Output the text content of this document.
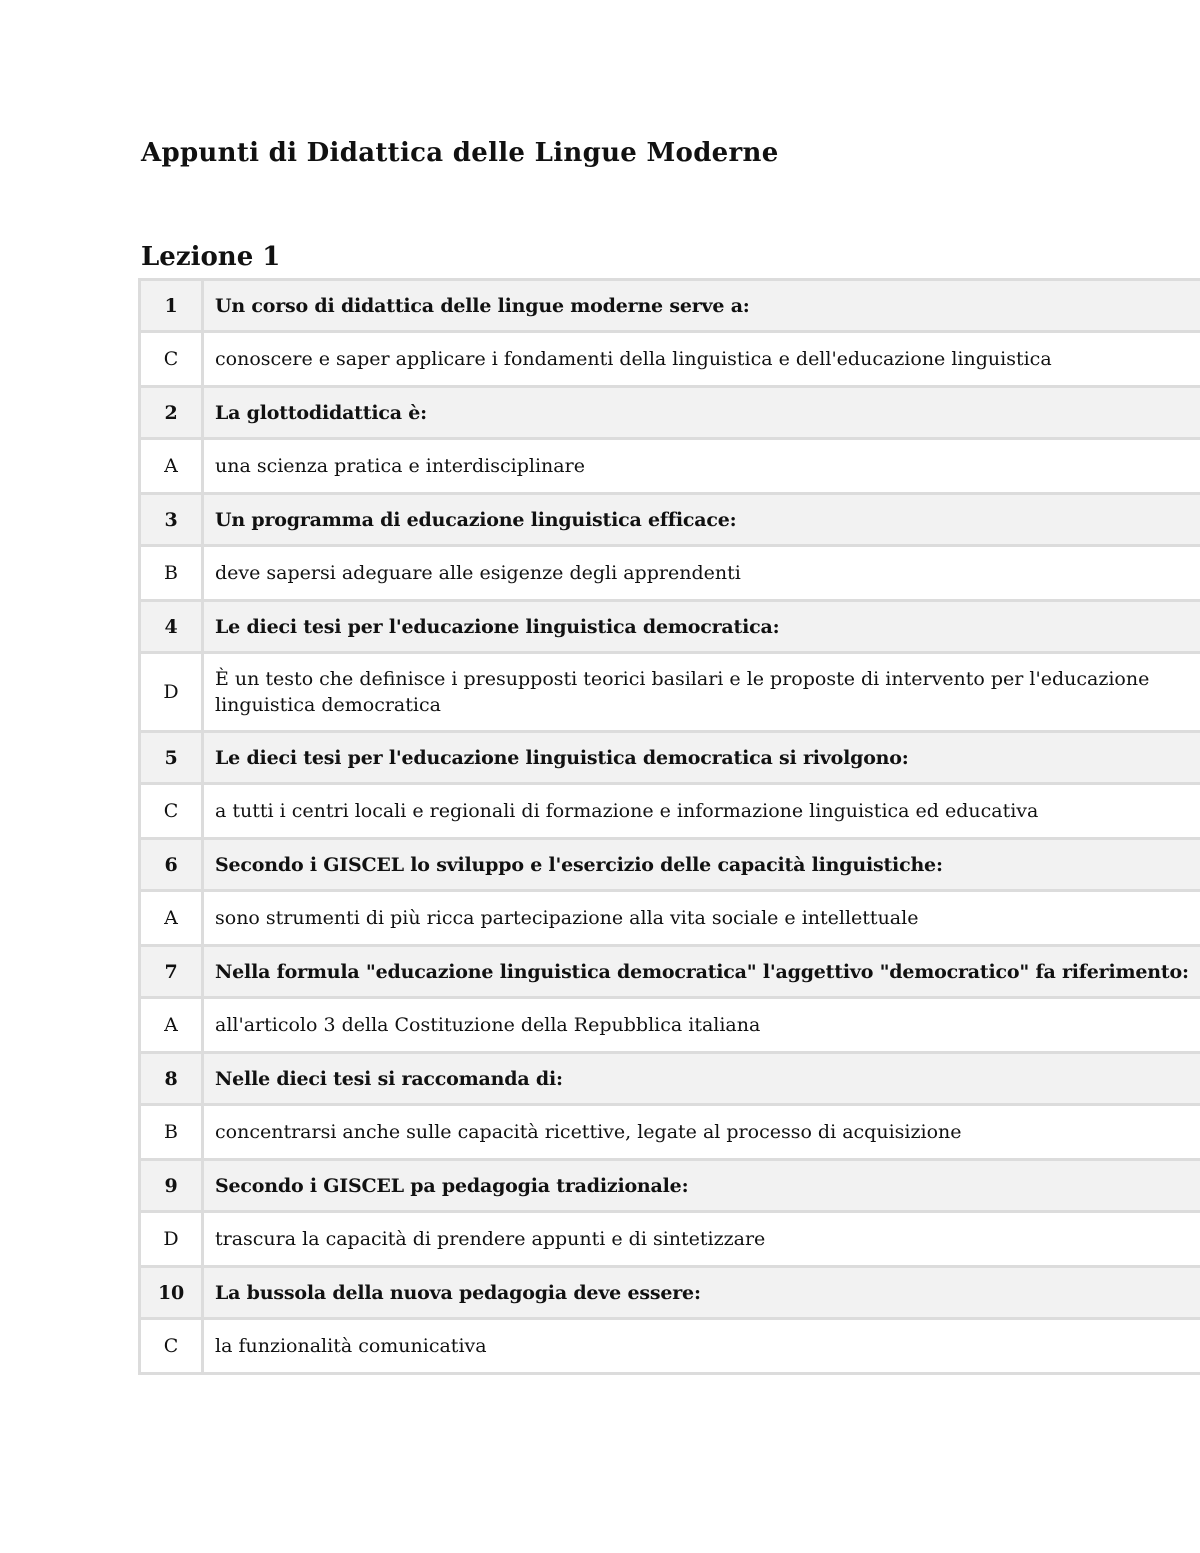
Appunti di Didattica delle Lingue Moderne
Lezione 1
1	Un corso di didattica delle lingue moderne serve a:
C	conoscere e saper applicare i fondamenti della linguistica e dell'educazione linguistica
2	La glottodidattica è:
A	una scienza pratica e interdisciplinare
3	Un programma di educazione linguistica efficace:
B	deve sapersi adeguare alle esigenze degli apprendenti
4	Le dieci tesi per l'educazione linguistica democratica:
D	È un testo che definisce i presupposti teorici basilari e le proposte di intervento per l'educazione linguistica democratica
5	Le dieci tesi per l'educazione linguistica democratica si rivolgono:
C	a tutti i centri locali e regionali di formazione e informazione linguistica ed educativa
6	Secondo i GISCEL lo sviluppo e l'esercizio delle capacità linguistiche:
A	sono strumenti di più ricca partecipazione alla vita sociale e intellettuale
7	Nella formula "educazione linguistica democratica" l'aggettivo "democratico" fa riferimento:
A	all'articolo 3 della Costituzione della Repubblica italiana
8	Nelle dieci tesi si raccomanda di:
B	concentrarsi anche sulle capacità ricettive, legate al processo di acquisizione
9	Secondo i GISCEL pa pedagogia tradizionale:
D	trascura la capacità di prendere appunti e di sintetizzare
10	La bussola della nuova pedagogia deve essere:
C	la funzionalità comunicativa
